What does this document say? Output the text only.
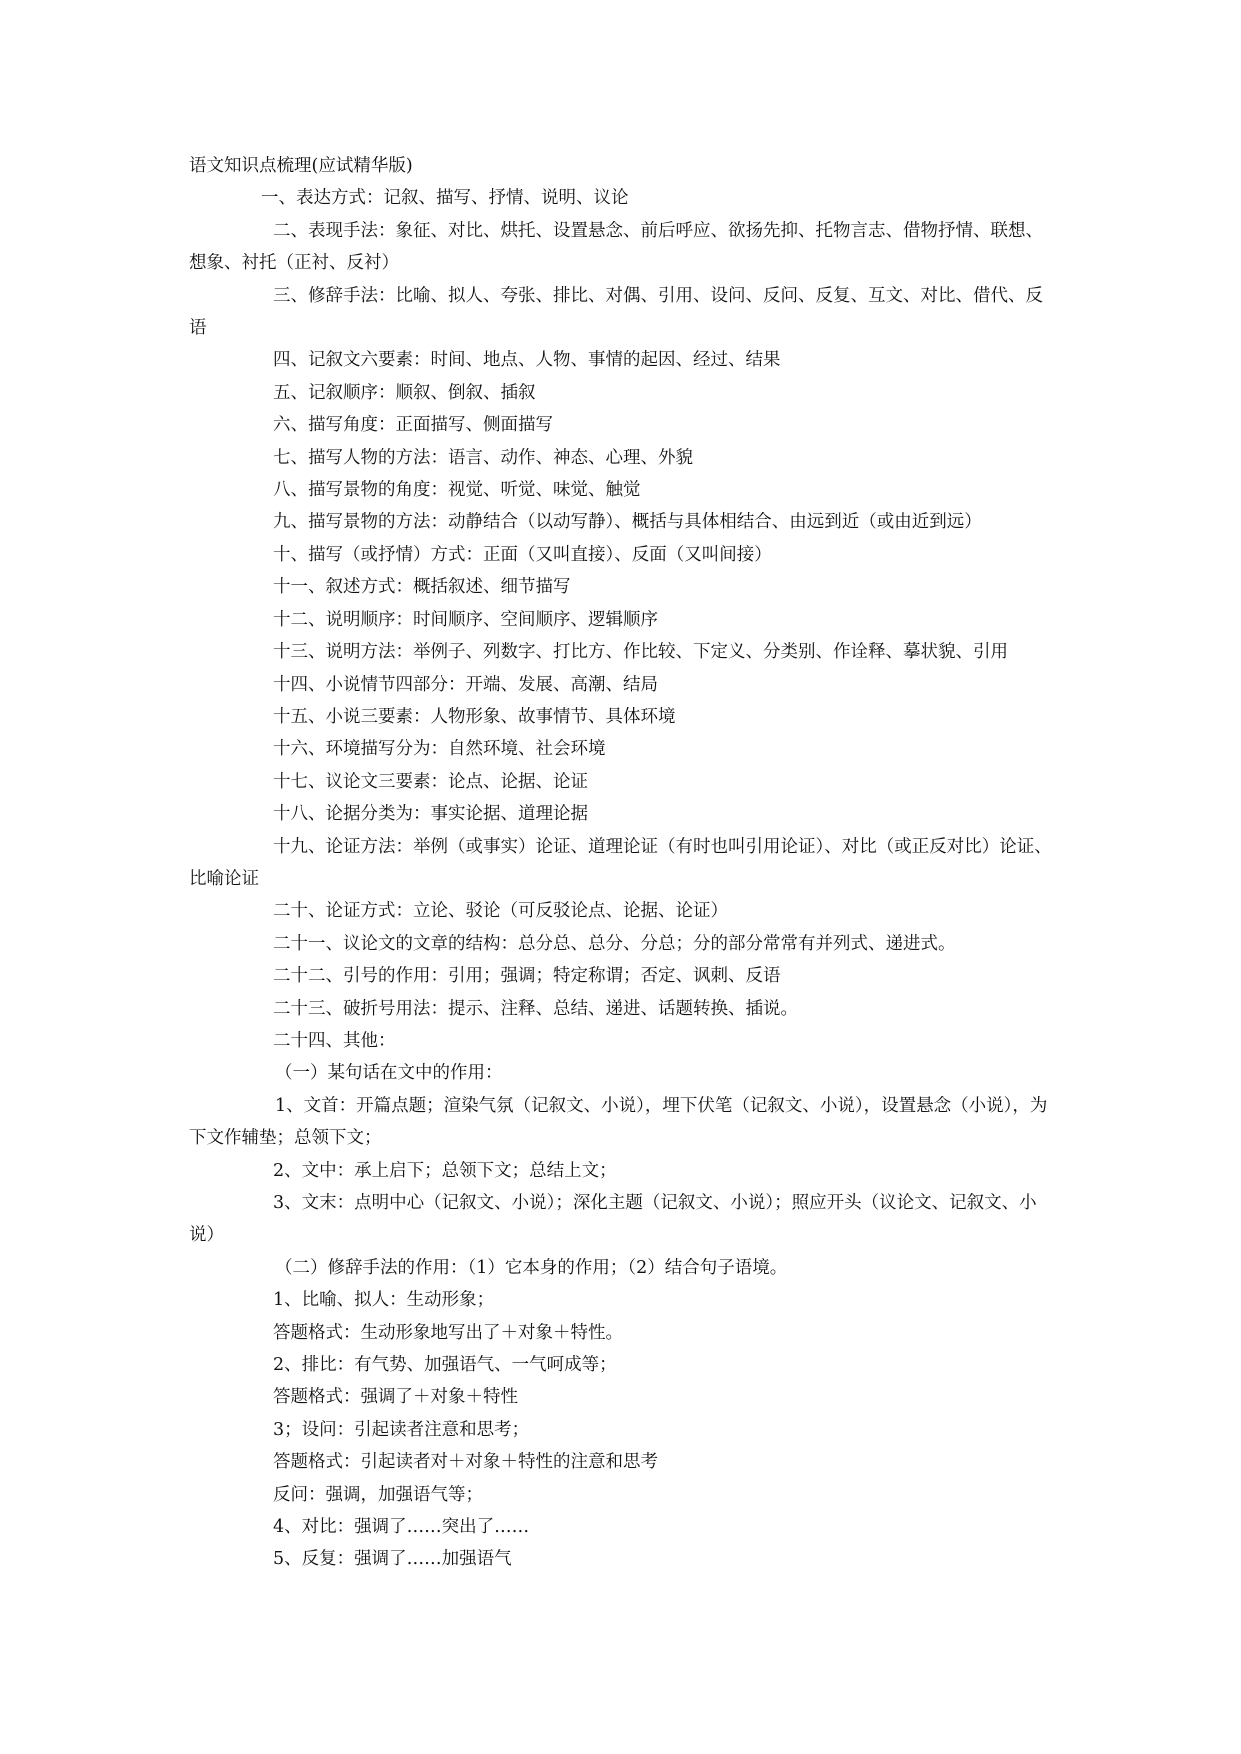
语文知识点梳理(应试精华版)

一、表达方式：记叙、描写、抒情、说明、议论

二、表现手法：象征、对比、烘托、设置悬念、前后呼应、欲扬先抑、托物言志、借物抒情、联想、想象、衬托（正衬、反衬）

三、修辞手法：比喻、拟人、夸张、排比、对偶、引用、设问、反问、反复、互文、对比、借代、反语

四、记叙文六要素：时间、地点、人物、事情的起因、经过、结果

五、记叙顺序：顺叙、倒叙、插叙

六、描写角度：正面描写、侧面描写

七、描写人物的方法：语言、动作、神态、心理、外貌

八、描写景物的角度：视觉、听觉、味觉、触觉

九、描写景物的方法：动静结合（以动写静）、概括与具体相结合、由远到近（或由近到远）

十、描写（或抒情）方式：正面（又叫直接）、反面（又叫间接）

十一、叙述方式：概括叙述、细节描写

十二、说明顺序：时间顺序、空间顺序、逻辑顺序

十三、说明方法：举例子、列数字、打比方、作比较、下定义、分类别、作诠释、摹状貌、引用

十四、小说情节四部分：开端、发展、高潮、结局

十五、小说三要素：人物形象、故事情节、具体环境

十六、环境描写分为：自然环境、社会环境

十七、议论文三要素：论点、论据、论证

十八、论据分类为：事实论据、道理论据

十九、论证方法：举例（或事实）论证、道理论证（有时也叫引用论证）、对比（或正反对比）论证、比喻论证

二十、论证方式：立论、驳论（可反驳论点、论据、论证）

二十一、议论文的文章的结构：总分总、总分、分总；分的部分常常有并列式、递进式。

二十二、引号的作用：引用；强调；特定称谓；否定、讽刺、反语

二十三、破折号用法：提示、注释、总结、递进、话题转换、插说。

二十四、其他：

（一）某句话在文中的作用：

1、文首：开篇点题；渲染气氛（记叙文、小说），埋下伏笔（记叙文、小说），设置悬念（小说），为下文作辅垫；总领下文；

2、文中：承上启下；总领下文；总结上文；

3、文末：点明中心（记叙文、小说）；深化主题（记叙文、小说）；照应开头（议论文、记叙文、小说）

（二）修辞手法的作用：（1）它本身的作用；（2）结合句子语境。

1、比喻、拟人：生动形象；

答题格式：生动形象地写出了＋对象＋特性。

2、排比：有气势、加强语气、一气呵成等；

答题格式：强调了＋对象＋特性

3；设问：引起读者注意和思考；

答题格式：引起读者对＋对象＋特性的注意和思考

反问：强调，加强语气等；

4、对比：强调了……突出了……

5、反复：强调了……加强语气
